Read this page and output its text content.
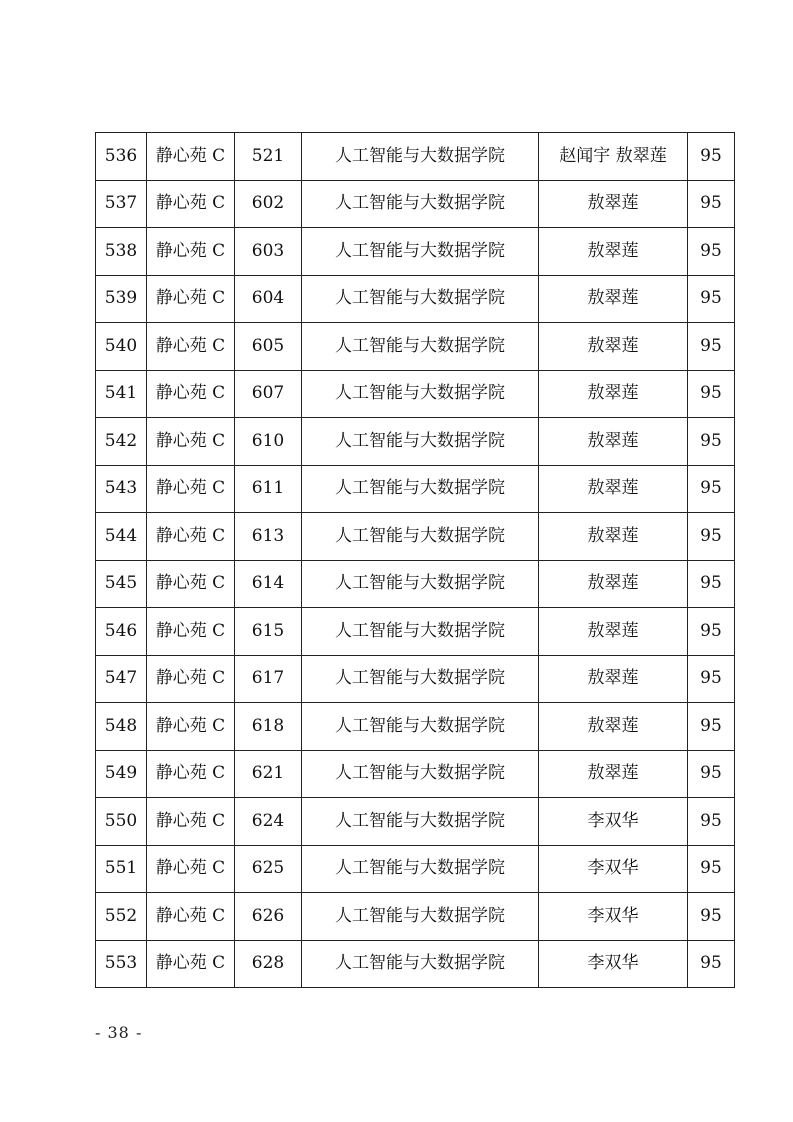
536	静心苑 C	521	人工智能与大数据学院	赵闻宇 敖翠莲	95
537	静心苑 C	602	人工智能与大数据学院	敖翠莲	95
538	静心苑 C	603	人工智能与大数据学院	敖翠莲	95
539	静心苑 C	604	人工智能与大数据学院	敖翠莲	95
540	静心苑 C	605	人工智能与大数据学院	敖翠莲	95
541	静心苑 C	607	人工智能与大数据学院	敖翠莲	95
542	静心苑 C	610	人工智能与大数据学院	敖翠莲	95
543	静心苑 C	611	人工智能与大数据学院	敖翠莲	95
544	静心苑 C	613	人工智能与大数据学院	敖翠莲	95
545	静心苑 C	614	人工智能与大数据学院	敖翠莲	95
546	静心苑 C	615	人工智能与大数据学院	敖翠莲	95
547	静心苑 C	617	人工智能与大数据学院	敖翠莲	95
548	静心苑 C	618	人工智能与大数据学院	敖翠莲	95
549	静心苑 C	621	人工智能与大数据学院	敖翠莲	95
550	静心苑 C	624	人工智能与大数据学院	李双华	95
551	静心苑 C	625	人工智能与大数据学院	李双华	95
552	静心苑 C	626	人工智能与大数据学院	李双华	95
553	静心苑 C	628	人工智能与大数据学院	李双华	95
- 38 -
